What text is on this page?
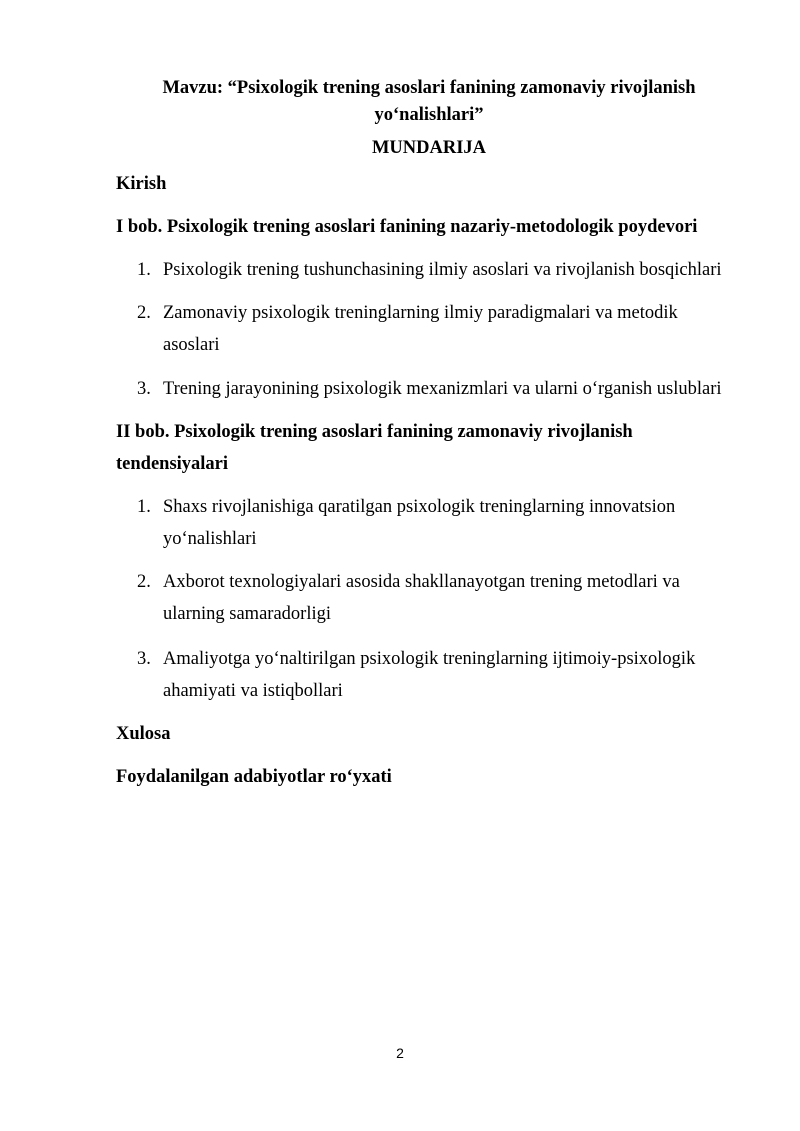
Mavzu: “Psixologik trening asoslari fanining zamonaviy rivojlanish yo‘nalishlari”
MUNDARIJA
Kirish
I bob. Psixologik trening asoslari fanining nazariy-metodologik poydevori
1. Psixologik trening tushunchasining ilmiy asoslari va rivojlanish bosqichlari
2. Zamonaviy psixologik treninglarning ilmiy paradigmalari va metodik asoslari
3. Trening jarayonining psixologik mexanizmlari va ularni o‘rganish uslublari
II bob. Psixologik trening asoslari fanining zamonaviy rivojlanish tendensiyalari
1. Shaxs rivojlanishiga qaratilgan psixologik treninglarning innovatsion yo‘nalishlari
2. Axborot texnologiyalari asosida shakllanayotgan trening metodlari va ularning samaradorligi
3. Amaliyotga yo‘naltirilgan psixologik treninglarning ijtimoiy-psixologik ahamiyati va istiqbollari
Xulosa
Foydalanilgan adabiyotlar ro‘yxati
2
